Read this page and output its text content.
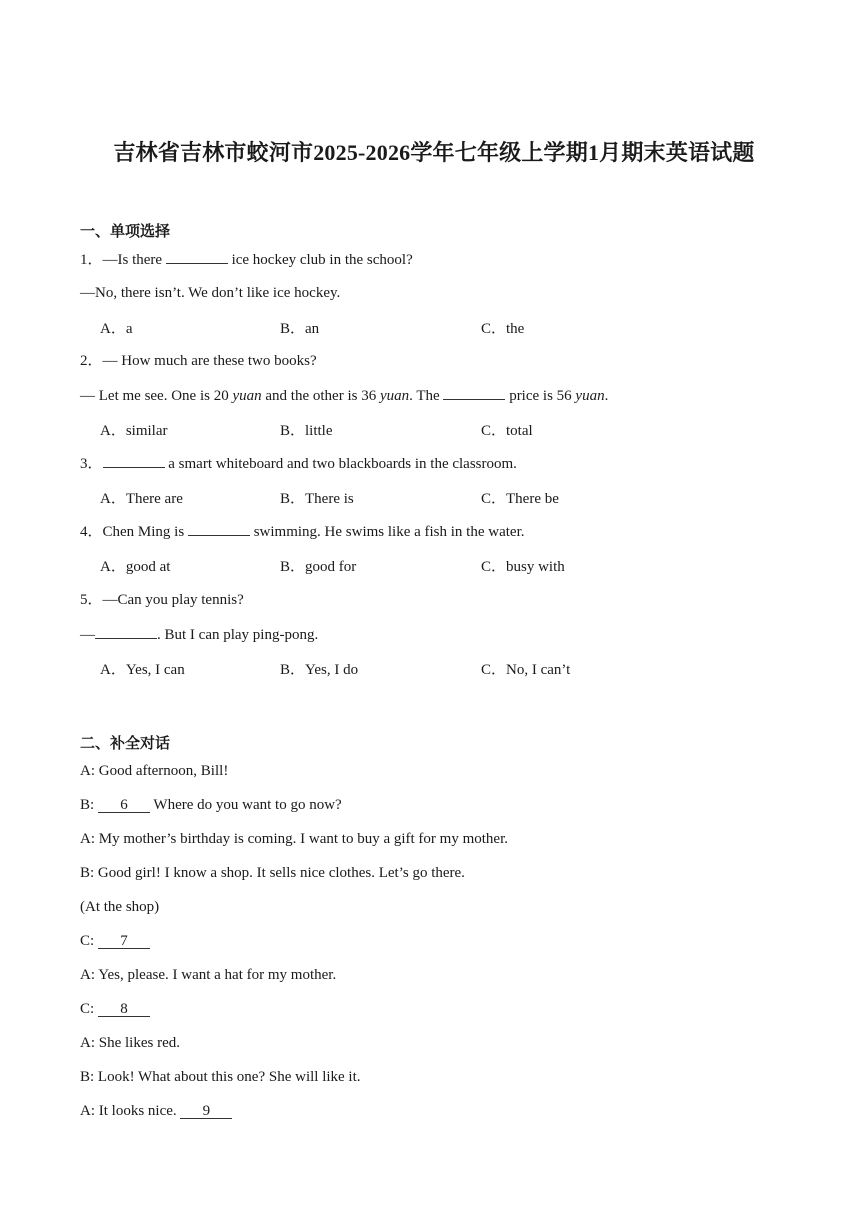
吉林省吉林市蛟河市2025-2026学年七年级上学期1月期末英语试题
一、单项选择
1．—Is there	ice hockey club in the school?
—No, there isn’t. We don’t like ice hockey.
A．a	B．an	C．the
2．— How much are these two books?
— Let me see. One is 20 yuan and the other is 36 yuan. The	price is 56 yuan.
A．similar	B．little	C．total
3．	a smart whiteboard and two blackboards in the classroom.
A．There are	B．There is	C．There be
4．Chen Ming is	swimming. He swims like a fish in the water.
A．good at	B．good for	C．busy with
5．—Can you play tennis?
—	. But I can play ping-pong.
A．Yes, I can	B．Yes, I do	C．No, I can’t
二、补全对话
A: Good afternoon, Bill!
B: 6 Where do you want to go now?
A: My mother’s birthday is coming. I want to buy a gift for my mother.
B: Good girl! I know a shop. It sells nice clothes. Let’s go there.
(At the shop)
C: 7
A: Yes, please. I want a hat for my mother.
C: 8
A: She likes red.
B: Look! What about this one? She will like it.
A: It looks nice. 9
